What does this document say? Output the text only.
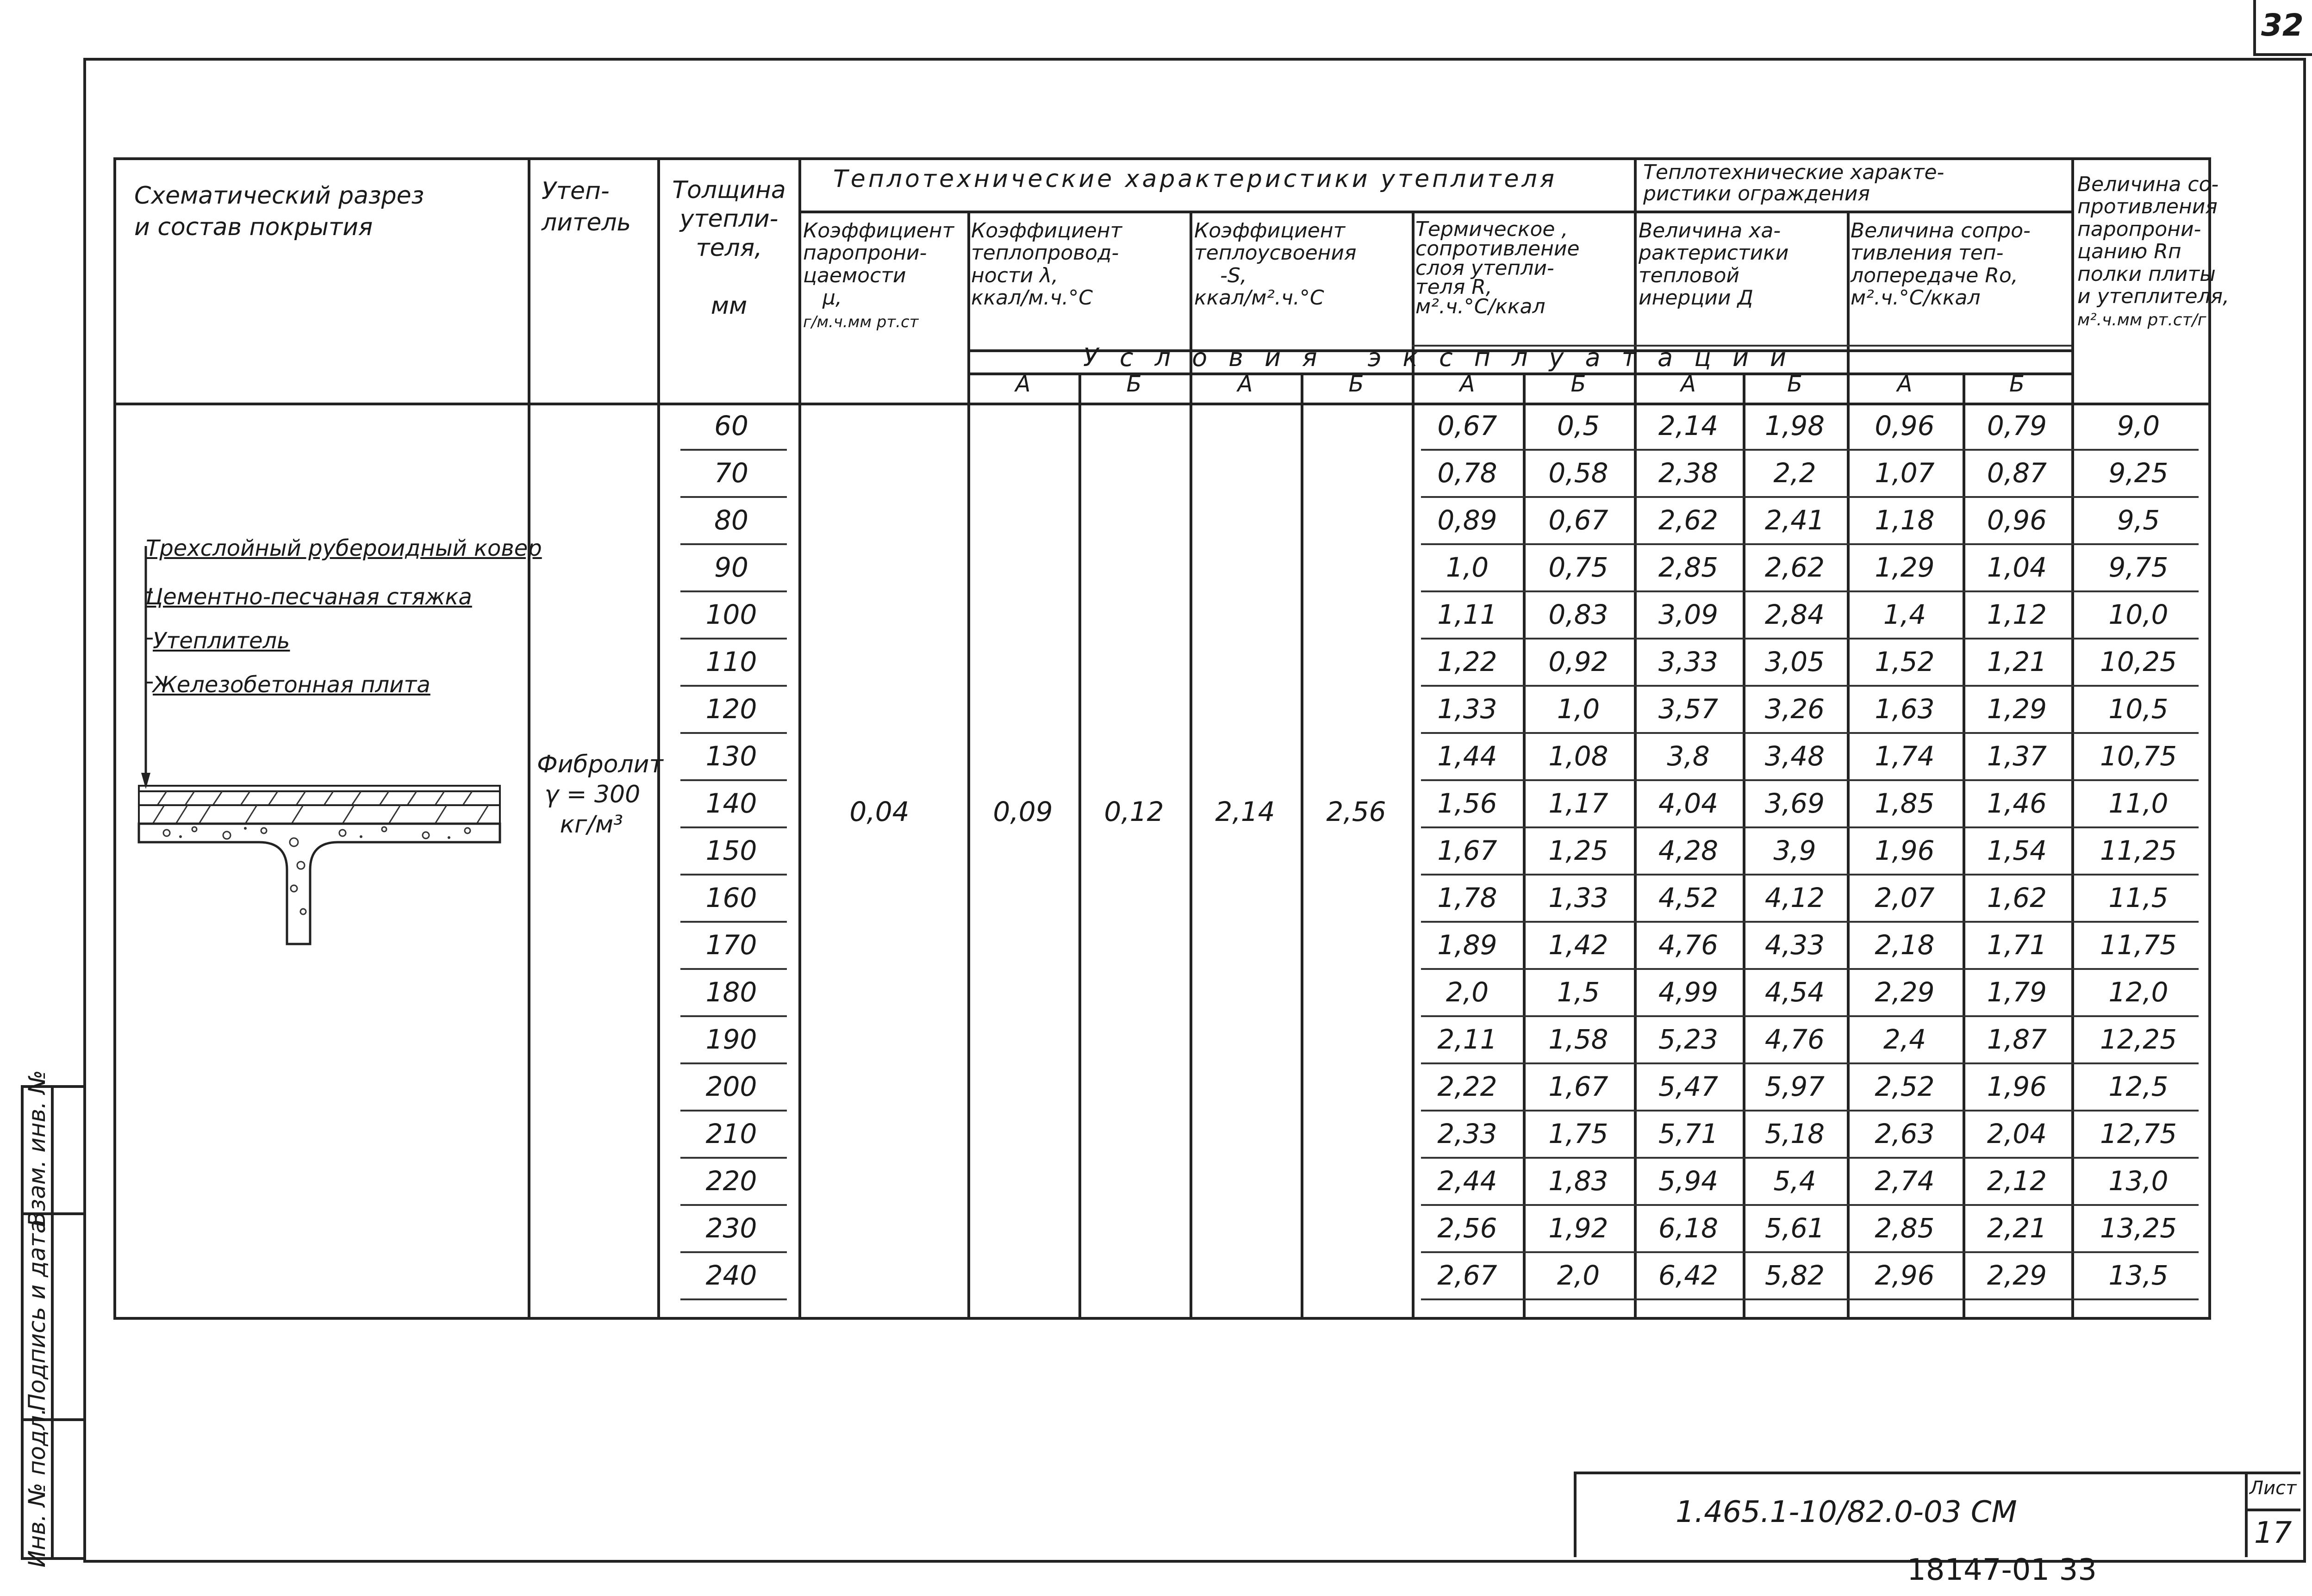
32
Схематический разрез
и состав покрытия
Утеп-
литель
Толщина
утепли-
теля,

мм
Теплотехнические характеристики утеплителя	Теплотехнические характе-
ристики ограждения
Коэффициент
паропрони-
цаемости
μ,
г/м.ч.мм рт.ст
Коэффициент
теплопровод-
ности λ,
ккал/м.ч.°С
Коэффициент
теплоусвоения
-S,
ккал/м².ч.°С
Термическое ,
сопротивление
слоя утепли-
теля R,
м².ч.°С/ккал
Величина ха-
рактеристики
тепловой
инерции Д
Величина сопро-
тивления теп-
лопередаче Rо,
м².ч.°С/ккал
Величина со-
противления
паропрони-
цанию Rп
полки плиты
и утеплителя,
м².ч.мм рт.ст/г
Условия эксплуатации
А	Б	А	Б	А	Б	А	Б	А	Б
Трехслойный рубероидный ковер
Цементно-песчаная стяжка
Утеплитель
Железобетонная плита
Фибролит
γ = 300
кг/м³	0,04	0,09	0,12	2,14	2,56
60	0,67	0,5	2,14	1,98	0,96	0,79	9,0
70	0,78	0,58	2,38	2,2	1,07	0,87	9,25
80	0,89	0,67	2,62	2,41	1,18	0,96	9,5
90	1,0	0,75	2,85	2,62	1,29	1,04	9,75
100	1,11	0,83	3,09	2,84	1,4	1,12	10,0
110	1,22	0,92	3,33	3,05	1,52	1,21	10,25
120	1,33	1,0	3,57	3,26	1,63	1,29	10,5
130	1,44	1,08	3,8	3,48	1,74	1,37	10,75
140	1,56	1,17	4,04	3,69	1,85	1,46	11,0
150	1,67	1,25	4,28	3,9	1,96	1,54	11,25
160	1,78	1,33	4,52	4,12	2,07	1,62	11,5
170	1,89	1,42	4,76	4,33	2,18	1,71	11,75
180	2,0	1,5	4,99	4,54	2,29	1,79	12,0
190	2,11	1,58	5,23	4,76	2,4	1,87	12,25
200	2,22	1,67	5,47	5,97	2,52	1,96	12,5
210	2,33	1,75	5,71	5,18	2,63	2,04	12,75
220	2,44	1,83	5,94	5,4	2,74	2,12	13,0
230	2,56	1,92	6,18	5,61	2,85	2,21	13,25
240	2,67	2,0	6,42	5,82	2,96	2,29	13,5
Инв. № подл.
Подпись и дата
Взам. инв. №
1.465.1-10/82.0-03 СМ
Лист
17
18147-01 33
